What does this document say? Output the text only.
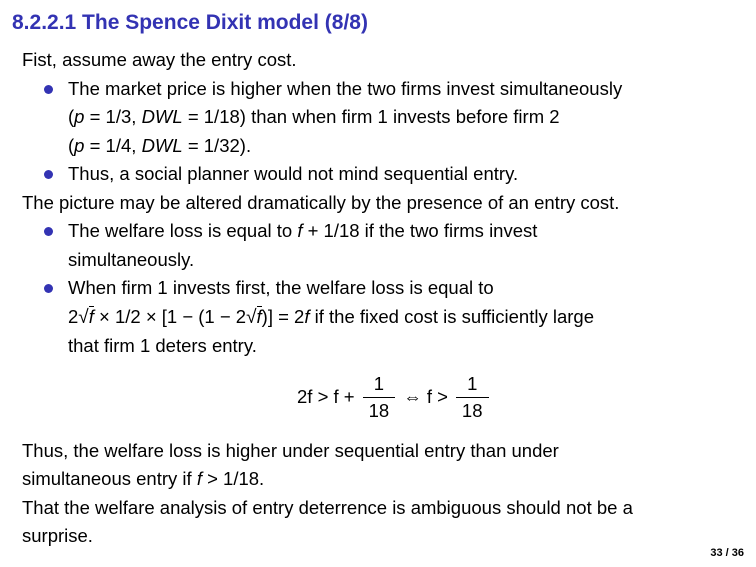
8.2.2.1 The Spence Dixit model (8/8)

Fist, assume away the entry cost.

The market price is higher when the two firms invest simultaneously
(p = 1/3, DWL = 1/18) than when firm 1 invests before firm 2
(p = 1/4, DWL = 1/32).
Thus, a social planner would not mind sequential entry.

The picture may be altered dramatically by the presence of an entry cost.

The welfare loss is equal to f + 1/18 if the two firms invest
simultaneously.
When firm 1 invests first, the welfare loss is equal to
2√f × 1/2 × [1 − (1 − 2√f)] = 2f if the fixed cost is sufficiently large
that firm 1 deters entry.
$2f > f + \frac{1}{18}$ ⇔ $f > \frac{1}{18}$

Thus, the welfare loss is higher under sequential entry than under
simultaneous entry if f > 1/18.

That the welfare analysis of entry deterrence is ambiguous should not be a
surprise.

33 / 36
